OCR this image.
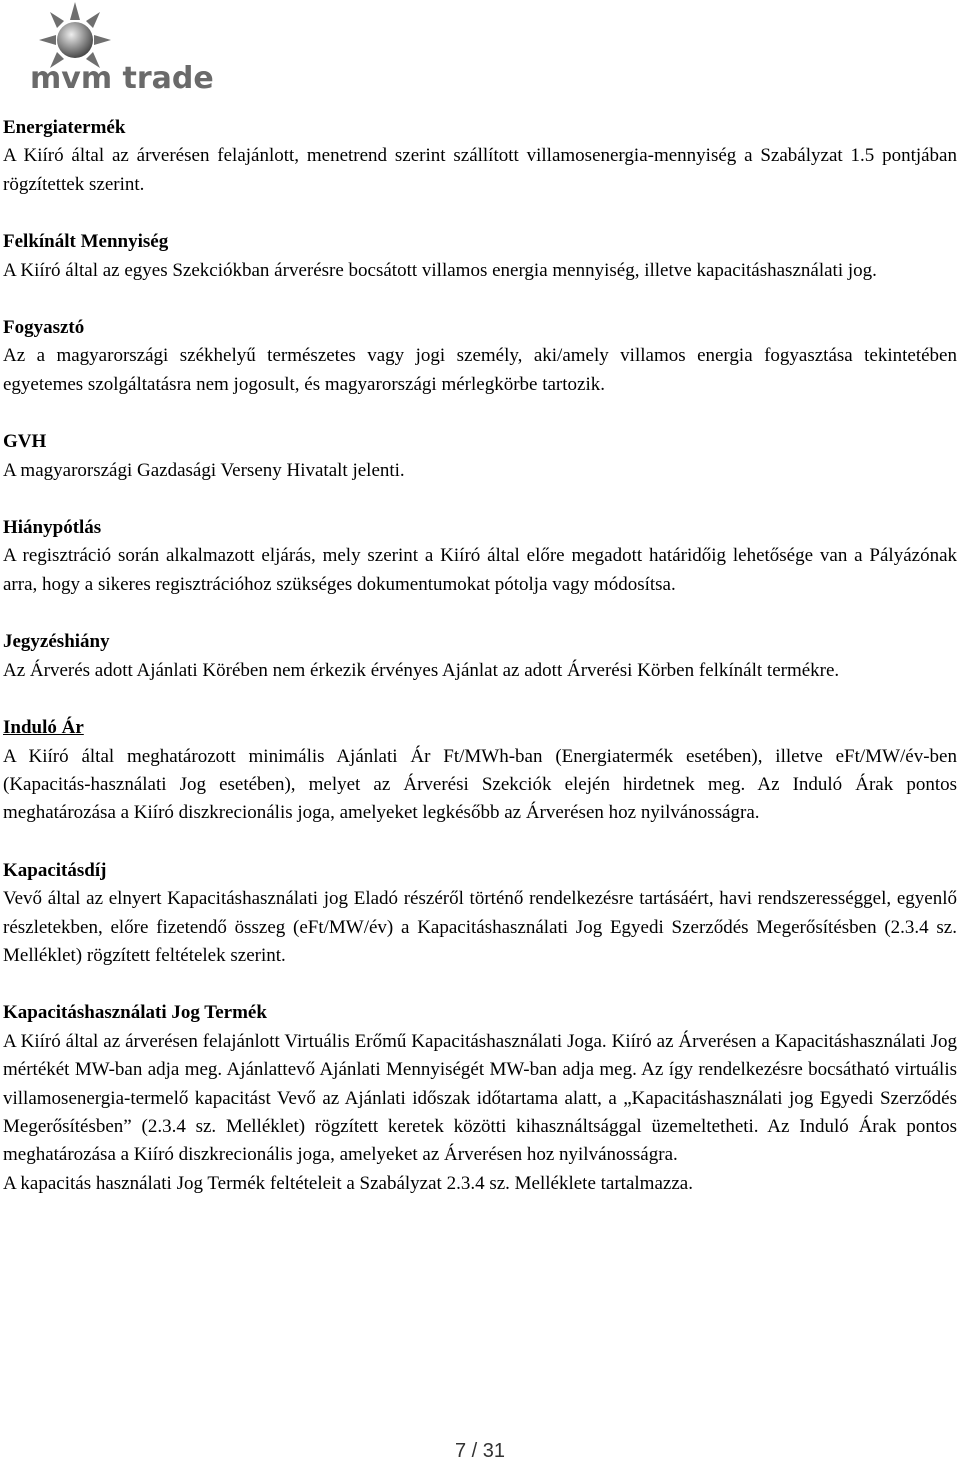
mvm trade
Energiatermék
A Kiíró által az árverésen felajánlott, menetrend szerint szállított villamosenergia-mennyiség a Szabályzat 1.5 pontjában rögzítettek szerint.
Felkínált Mennyiség
A Kiíró által az egyes Szekciókban árverésre bocsátott villamos energia mennyiség, illetve kapacitáshasználati jog.
Fogyasztó
Az a magyarországi székhelyű természetes vagy jogi személy, aki/amely villamos energia fogyasztása tekintetében egyetemes szolgáltatásra nem jogosult, és magyarországi mérlegkörbe tartozik.
GVH
A magyarországi Gazdasági Verseny Hivatalt jelenti.
Hiánypótlás
A regisztráció során alkalmazott eljárás, mely szerint a Kiíró által előre megadott határidőig lehetősége van a Pályázónak arra, hogy a sikeres regisztrációhoz szükséges dokumentumokat pótolja vagy módosítsa.
Jegyzéshiány
Az Árverés adott Ajánlati Körében nem érkezik érvényes Ajánlat az adott Árverési Körben felkínált termékre.
Induló Ár
A Kiíró által meghatározott minimális Ajánlati Ár Ft/MWh-ban (Energiatermék esetében), illetve eFt/MW/év-ben (Kapacitás-használati Jog esetében), melyet az Árverési Szekciók elején hirdetnek meg. Az Induló Árak pontos meghatározása a Kiíró diszkrecionális joga, amelyeket legkésőbb az Árverésen hoz nyilvánosságra.
Kapacitásdíj
Vevő által az elnyert Kapacitáshasználati jog Eladó részéről történő rendelkezésre tartásáért, havi rendszerességgel, egyenlő részletekben, előre fizetendő összeg (eFt/MW/év) a Kapacitáshasználati Jog Egyedi Szerződés Megerősítésben (2.3.4 sz. Melléklet) rögzített feltételek szerint.
Kapacitáshasználati Jog Termék
A Kiíró által az árverésen felajánlott Virtuális Erőmű Kapacitáshasználati Joga. Kiíró az Árverésen a Kapacitáshasználati Jog mértékét MW-ban adja meg. Ajánlattevő Ajánlati Mennyiségét MW-ban adja meg. Az így rendelkezésre bocsátható virtuális villamosenergia-termelő kapacitást Vevő az Ajánlati időszak időtartama alatt, a „Kapacitáshasználati jog Egyedi Szerződés Megerősítésben” (2.3.4 sz. Melléklet) rögzített keretek közötti kihasználtsággal üzemeltetheti. Az Induló Árak pontos meghatározása a Kiíró diszkrecionális joga, amelyeket az Árverésen hoz nyilvánosságra.
A kapacitás használati Jog Termék feltételeit a Szabályzat 2.3.4 sz. Melléklete tartalmazza.
7 / 31
